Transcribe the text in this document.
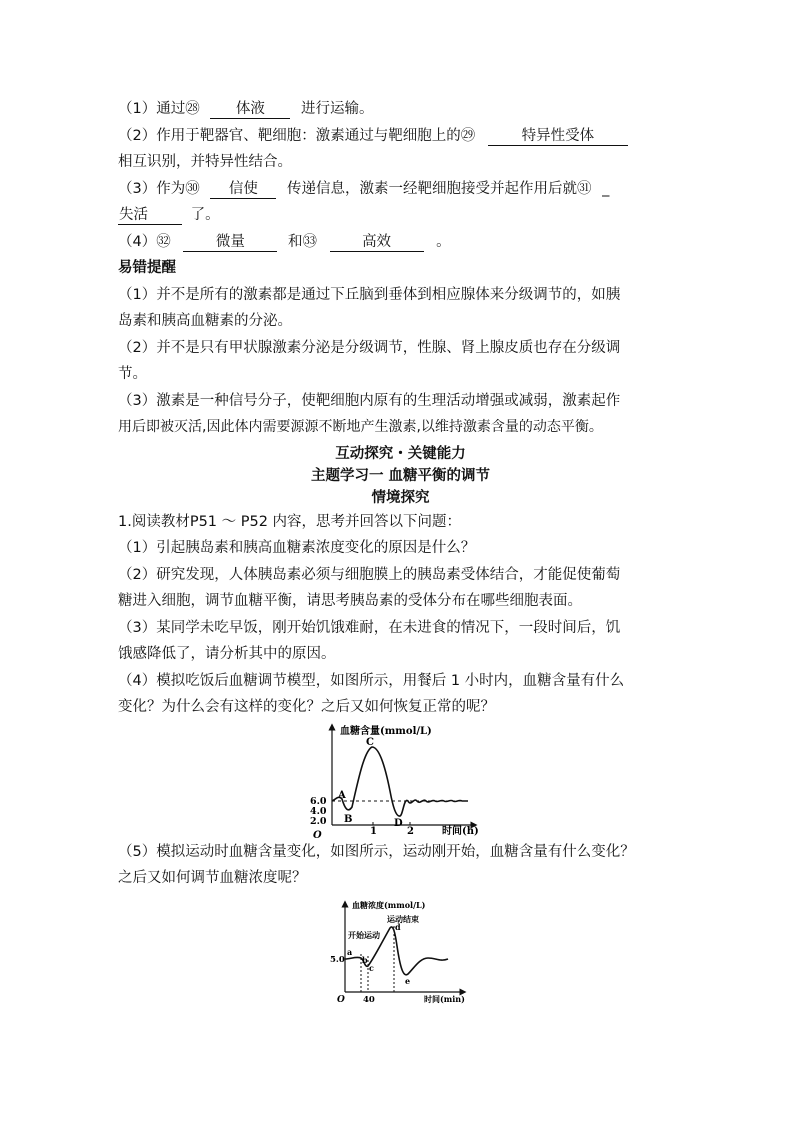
（1）通过㉘ 体液 进行运输。
（2）作用于靶器官、靶细胞：激素通过与靶细胞上的㉙	特异性受体
相互识别，并特异性结合。
（3）作为㉚ 信使 传递信息，激素一经靶细胞接受并起作用后就㉛ _
失活	了。
（4）㉜	微量	和㉝	高效	。
易错提醒
（1）并不是所有的激素都是通过下丘脑到垂体到相应腺体来分级调节的，如胰
岛素和胰高血糖素的分泌。
（2）并不是只有甲状腺激素分泌是分级调节，性腺、肾上腺皮质也存在分级调
节。
（3）激素是一种信号分子，使靶细胞内原有的生理活动增强或减弱，激素起作
用后即被灭活,因此体内需要源源不断地产生激素,以维持激素含量的动态平衡。
互动探究・关键能力
主题学习一 血糖平衡的调节
情境探究
1.阅读教材P51 ～ P52 内容，思考并回答以下问题：
（1）引起胰岛素和胰高血糖素浓度变化的原因是什么？
（2）研究发现，人体胰岛素必须与细胞膜上的胰岛素受体结合，才能促使葡萄
糖进入细胞，调节血糖平衡，请思考胰岛素的受体分布在哪些细胞表面。
（3）某同学未吃早饭，刚开始饥饿难耐，在未进食的情况下，一段时间后，饥
饿感降低了，请分析其中的原因。
（4）模拟吃饭后血糖调节模型，如图所示，用餐后 1 小时内，血糖含量有什么
变化？为什么会有这样的变化？之后又如何恢复正常的呢？
血糖含量(mmol/L)
时间(h)
O
6.0
4.0
2.0
1	2
A
B
C
D
（5）模拟运动时血糖含量变化，如图所示，运动刚开始，血糖含量有什么变化？
之后又如何调节血糖浓度呢？
血糖浓度(mmol/L)
时间(min)
O
5.0
40
开始运动
运动结束
a
b
c
d
e
